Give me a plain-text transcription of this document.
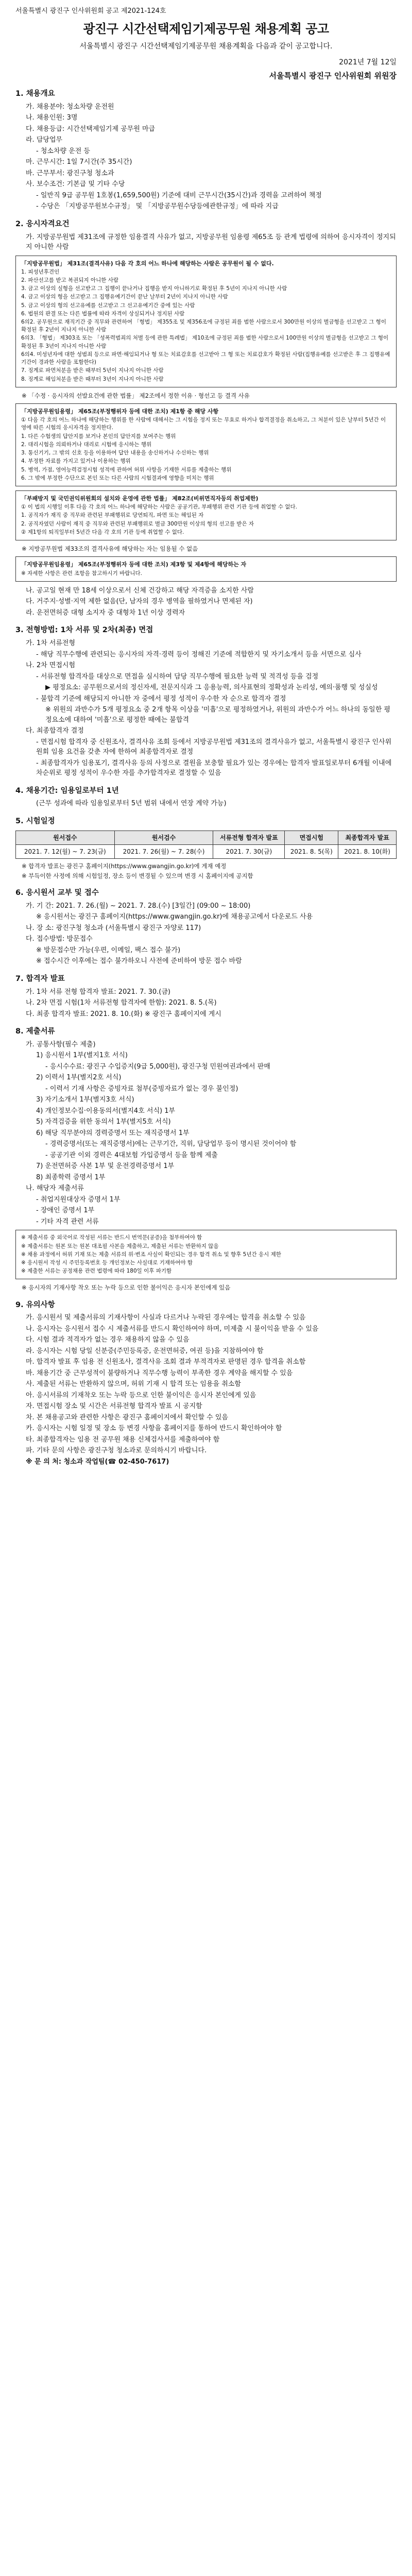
서울특별시 광진구 인사위원회 공고 제2021-124호
광진구 시간선택제임기제공무원 채용계획 공고
서울특별시 광진구 시간선택제임기제공무원 채용계획을 다음과 같이 공고합니다.
2021년 7월 12일
서울특별시 광진구 인사위원회 위원장
1. 채용개요
가. 채용분야: 청소차량 운전원
나. 채용인원: 3명
다. 채용등급: 시간선택제임기제 공무원 마급
라. 담당업무
- 청소차량 운전 등
마. 근무시간: 1일 7시간(주 35시간)
바. 근무부서: 광진구청 청소과
사. 보수조건: 기본급 및 기타 수당
- 일반직 9급 공무원 1호봉(1,659,500원) 기준에 대비 근무시간(35시간)과 경력을 고려하여 책정
- 수당은 「지방공무원보수규정」 및 「지방공무원수당등에관한규정」에 따라 지급
2. 응시자격요건
가. 지방공무원법 제31조에 규정한 임용결격 사유가 없고, 지방공무원 임용령 제65조 등 관계 법령에 의하여 응시자격이 정지되지 아니한 사람

「지방공무원법」 제31조(결격사유) 다음 각 호의 어느 하나에 해당하는 사람은 공무원이 될 수 없다.

1. 피성년후견인

2. 파산선고를 받고 복권되지 아니한 사람

3. 금고 이상의 실형을 선고받고 그 집행이 끝나거나 집행을 받지 아니하기로 확정된 후 5년이 지나지 아니한 사람

4. 금고 이상의 형을 선고받고 그 집행유예기간이 끝난 날부터 2년이 지나지 아니한 사람

5. 금고 이상의 형의 선고유예를 선고받고 그 선고유예기간 중에 있는 사람

6. 법원의 판결 또는 다른 법률에 따라 자격이 상실되거나 정지된 사람

6의2. 공무원으로 재직기간 중 직무와 관련하여 「형법」 제355조 및 제356조에 규정된 죄를 범한 사람으로서 300만원 이상의 벌금형을 선고받고 그 형이 확정된 후 2년이 지나지 아니한 사람

6의3. 「형법」 제303조 또는 「성폭력범죄의 처벌 등에 관한 특례법」 제10조에 규정된 죄를 범한 사람으로서 100만원 이상의 벌금형을 선고받고 그 형이 확정된 후 3년이 지나지 아니한 사람

6의4. 미성년자에 대한 성범죄 등으로 파면·해임되거나 형 또는 치료감호를 선고받아 그 형 또는 치료감호가 확정된 사람(집행유예를 선고받은 후 그 집행유예기간이 경과한 사람을 포함한다)

7. 징계로 파면처분을 받은 때부터 5년이 지나지 아니한 사람

8. 징계로 해임처분을 받은 때부터 3년이 지나지 아니한 사람

※ 「수정 · 응시자의 선발요건에 관한 법률」 제2조에서 정한 이유 · 형선고 등 결격 사유

「지방공무원임용령」 제65조(부정행위자 등에 대한 조치) 제1항 중 해당 사항

① 다음 각 호의 어느 하나에 해당하는 행위를 한 사람에 대해서는 그 시험을 정지 또는 무효로 하거나 합격결정을 취소하고, 그 처분이 있은 날부터 5년간 이 영에 따른 시험의 응시자격을 정지한다.

1. 다른 수험생의 답안지를 보거나 본인의 답안지를 보여주는 행위

2. 대리시험을 의뢰하거나 대리로 시험에 응시하는 행위

3. 통신기기, 그 밖의 신호 등을 이용하여 답안 내용을 송신하거나 수신하는 행위

4. 부정한 자료를 가지고 있거나 이용하는 행위

5. 병역, 가점, 영어능력검정시험 성적에 관하여 허위 사항을 기재한 서류를 제출하는 행위

6. 그 밖에 부정한 수단으로 본인 또는 다른 사람의 시험결과에 영향을 미치는 행위

「부패방지 및 국민권익위원회의 설치와 운영에 관한 법률」 제82조(비위면직자등의 취업제한)

① 이 법의 시행일 이후 다음 각 호의 어느 하나에 해당하는 사람은 공공기관, 부패행위 관련 기관 등에 취업할 수 없다.

1. 공직자가 재직 중 직무와 관련된 부패행위로 당연퇴직, 파면 또는 해임된 자

2. 공직자였던 사람이 재직 중 직무와 관련된 부패행위로 벌금 300만원 이상의 형의 선고를 받은 자

② 제1항의 퇴직일부터 5년간 다음 각 호의 기관 등에 취업할 수 없다.

※ 지방공무원법 제33조의 결격사유에 해당하는 자는 임용될 수 없음

「지방공무원임용령」 제65조(부정행위자 등에 대한 조치) 제3항 및 제4항에 해당하는 자

※ 자세한 사항은 관련 조항을 참고하시기 바랍니다.

나. 공고일 현재 만 18세 이상으로서 신체 건강하고 해당 자격증을 소지한 사람
다. 거주지·성별·지역 제한 없음(단, 남자의 경우 병역을 필하였거나 면제된 자)
라. 운전면허증 대형 소지자 중 대형차 1년 이상 경력자
3. 전형방법: 1차 서류 및 2차(최종) 면접
가. 1차 서류전형
- 해당 직무수행에 관련되는 응시자의 자격·경력 등이 정해진 기준에 적합한지 및 자기소개서 등을 서면으로 심사
나. 2차 면접시험
- 서류전형 합격자를 대상으로 면접을 실시하여 담당 직무수행에 필요한 능력 및 적격성 등을 검정
▶ 평정요소: 공무원으로서의 정신자세, 전문지식과 그 응용능력, 의사표현의 정확성과 논리성, 예의·품행 및 성실성
- 불합격 기준에 해당되지 아니한 자 중에서 평정 성적이 우수한 자 순으로 합격자 결정
※ 위원의 과반수가 5개 평정요소 중 2개 항목 이상을 '미흡'으로 평정하였거나, 위원의 과반수가 어느 하나의 동일한 평정요소에 대하여 '미흡'으로 평정한 때에는 불합격
다. 최종합격자 결정
- 면접시험 합격자 중 신원조사, 결격사유 조회 등에서 지방공무원법 제31조의 결격사유가 없고, 서울특별시 광진구 인사위원회 임용 요건을 갖춘 자에 한하여 최종합격자로 결정
- 최종합격자가 임용포기, 결격사유 등의 사정으로 결원을 보충할 필요가 있는 경우에는 합격자 발표일로부터 6개월 이내에 차순위로 평정 성적이 우수한 자를 추가합격자로 결정할 수 있음
4. 채용기간: 임용일로부터 1년
(근무 성과에 따라 임용일로부터 5년 범위 내에서 연장 계약 가능)
5. 시험일정
원서접수	원서검수	서류전형 합격자 발표	면접시험	최종합격자 발표
2021. 7. 12(월) ~ 7. 23(금)	2021. 7. 26(월) ~ 7. 28(수)	2021. 7. 30(금)	2021. 8. 5(목)	2021. 8. 10(화)
※ 합격자 발표는 광진구 홈페이지(https://www.gwangjin.go.kr)에 게재 예정
※ 부득이한 사정에 의해 시험일정, 장소 등이 변경될 수 있으며 변경 시 홈페이지에 공지함
6. 응시원서 교부 및 접수
가. 기 간: 2021. 7. 26.(월) ~ 2021. 7. 28.(수) [3일간] (09:00 ~ 18:00)
※ 응시원서는 광진구 홈페이지(https://www.gwangjin.go.kr)에 채용공고에서 다운로드 사용
나. 장 소: 광진구청 청소과 (서울특별시 광진구 자양로 117)
다. 접수방법: 방문접수
※ 방문접수만 가능(우편, 이메일, 팩스 접수 불가)
※ 접수시간 이후에는 접수 불가하오니 사전에 준비하여 방문 접수 바람
7. 합격자 발표
가. 1차 서류 전형 합격자 발표: 2021. 7. 30.(금)
나. 2차 면접 시험(1차 서류전형 합격자에 한함): 2021. 8. 5.(목)
다. 최종 합격자 발표: 2021. 8. 10.(화) ※ 광진구 홈페이지에 게시
8. 제출서류
가. 공통사항(필수 제출)
1) 응시원서 1부(별지1호 서식)
- 응시수수료: 광진구 수입증지(9급 5,000원), 광진구청 민원여권과에서 판매
2) 이력서 1부(별지2호 서식)
- 이력서 기재 사항은 증빙자료 첨부(증빙자료가 없는 경우 불인정)
3) 자기소개서 1부(별지3호 서식)
4) 개인정보수집·이용동의서(별지4호 서식) 1부
5) 자격검증을 위한 동의서 1부(별지5호 서식)
6) 해당 직무분야의 경력증명서 또는 재직증명서 1부
- 경력증명서(또는 재직증명서)에는 근무기간, 직위, 담당업무 등이 명시된 것이어야 함
- 공공기관 이외 경력은 4대보험 가입증명서 등을 함께 제출
7) 운전면허증 사본 1부 및 운전경력증명서 1부
8) 최종학력 증명서 1부
나. 해당자 제출서류
- 취업지원대상자 증명서 1부
- 장애인 증명서 1부
- 기타 자격 관련 서류

※ 제출서류 중 외국어로 작성된 서류는 반드시 번역문(공증)을 첨부하여야 함

※ 제출서류는 원본 또는 원본 대조필 사본을 제출하고, 제출된 서류는 반환하지 않음

※ 채용 과정에서 허위 기재 또는 제출 서류의 위·변조 사실이 확인되는 경우 합격 취소 및 향후 5년간 응시 제한

※ 응시원서 작성 시 주민등록번호 등 개인정보는 사실대로 기재하여야 함

※ 제출한 서류는 공정채용 관련 법령에 따라 180일 이후 파기함

※ 응시자의 기재사항 착오 또는 누락 등으로 인한 불이익은 응시자 본인에게 있음
9. 유의사항
가. 응시원서 및 제출서류의 기재사항이 사실과 다르거나 누락된 경우에는 합격을 취소할 수 있음
나. 응시자는 응시원서 접수 시 제출서류를 반드시 확인하여야 하며, 미제출 시 불이익을 받을 수 있음
다. 시험 결과 적격자가 없는 경우 채용하지 않을 수 있음
라. 응시자는 시험 당일 신분증(주민등록증, 운전면허증, 여권 등)을 지참하여야 함
마. 합격자 발표 후 임용 전 신원조사, 결격사유 조회 결과 부적격자로 판명된 경우 합격을 취소함
바. 채용기간 중 근무성적이 불량하거나 직무수행 능력이 부족한 경우 계약을 해지할 수 있음
사. 제출된 서류는 반환하지 않으며, 허위 기재 시 합격 또는 임용을 취소함
아. 응시서류의 기재착오 또는 누락 등으로 인한 불이익은 응시자 본인에게 있음
자. 면접시험 장소 및 시간은 서류전형 합격자 발표 시 공지함
차. 본 채용공고와 관련한 사항은 광진구 홈페이지에서 확인할 수 있음
카. 응시자는 시험 일정 및 장소 등 변경 사항을 홈페이지를 통하여 반드시 확인하여야 함
타. 최종합격자는 임용 전 공무원 채용 신체검사서를 제출하여야 함
파. 기타 문의 사항은 광진구청 청소과로 문의하시기 바랍니다.
※ 문 의 처: 청소과 작업팀(☎ 02-450-7617)
